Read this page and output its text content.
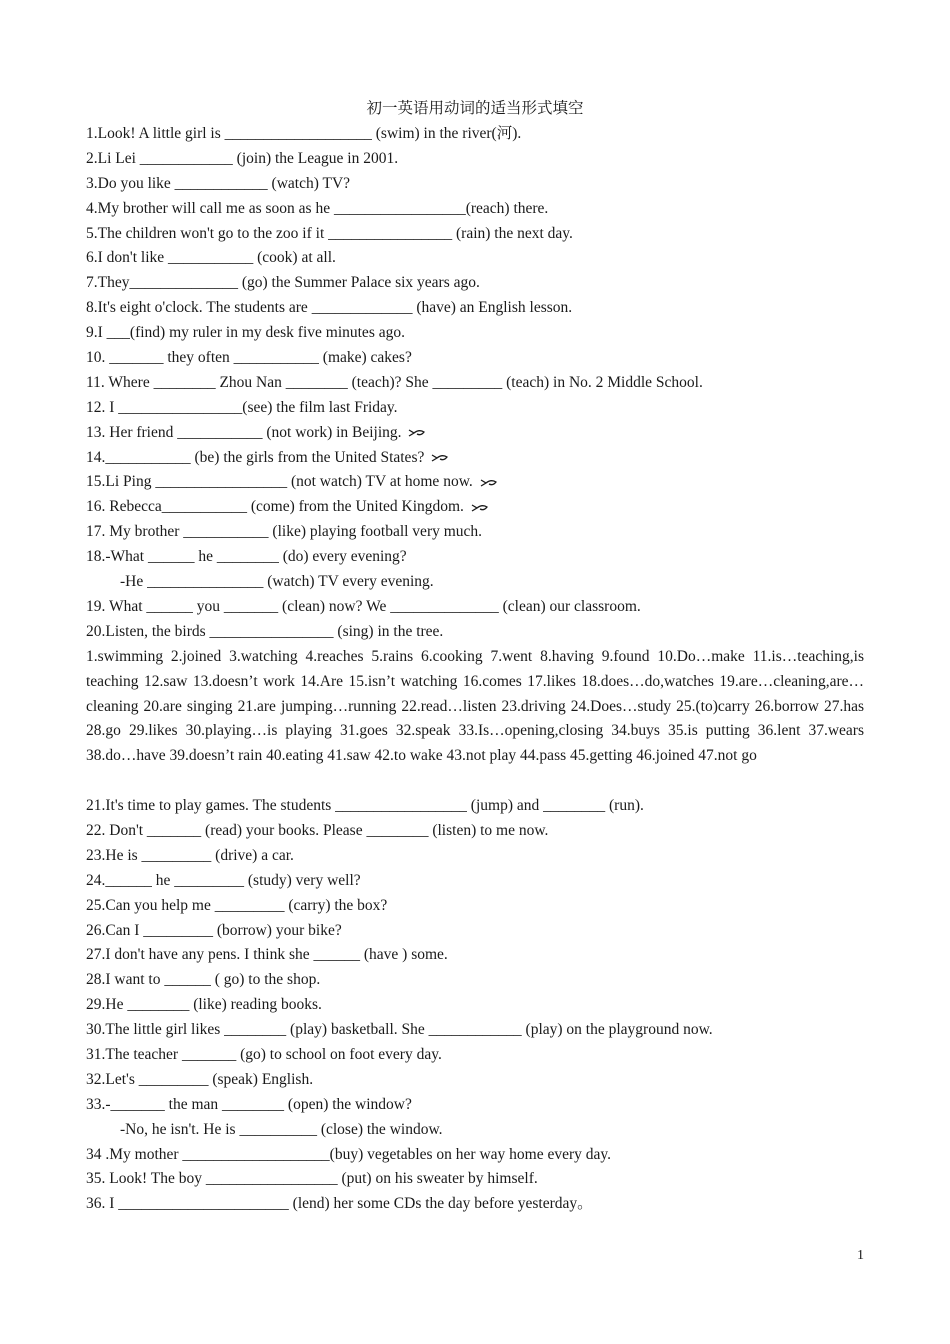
初一英语用动词的适当形式填空
1.Look! A little girl is ___________________ (swim) in the river(河).
2.Li Lei ____________ (join) the League in 2001.
3.Do you like ____________ (watch) TV?
4.My brother will call me as soon as he _________________(reach) there.
5.The children won't go to the zoo if it ________________ (rain) the next day.
6.I don't like ___________ (cook) at all.
7.They______________ (go) the Summer Palace six years ago.
8.It's eight o'clock. The students are _____________ (have) an English lesson.
9.I ___(find) my ruler in my desk five minutes ago.
10. _______ they often ___________ (make) cakes?
11. Where ________ Zhou Nan ________ (teach)? She _________ (teach) in No. 2 Middle School.
12. I ________________(see) the film last Friday.
13. Her friend ___________ (not work) in Beijing.
14.___________ (be) the girls from the United States?
15.Li Ping _________________ (not watch) TV at home now.
16. Rebecca___________ (come) from the United Kingdom.
17. My brother ___________ (like) playing football very much.
18.-What ______ he ________ (do) every evening?
-He _______________ (watch) TV every evening.
19. What ______ you _______ (clean) now? We ______________ (clean) our classroom.
20.Listen, the birds ________________ (sing) in the tree.
1.swimming 2.joined 3.watching 4.reaches 5.rains 6.cooking 7.went 8.having 9.found 10.Do…make 11.is…teaching,is teaching 12.saw 13.doesn’t work 14.Are 15.isn’t watching 16.comes 17.likes 18.does…do,watches 19.are…cleaning,are…cleaning 20.are singing 21.are jumping…running 22.read…listen 23.driving 24.Does…study 25.(to)carry 26.borrow 27.has 28.go 29.likes 30.playing…is playing 31.goes 32.speak 33.Is…opening,closing 34.buys 35.is putting 36.lent 37.wears 38.do…have 39.doesn’t rain 40.eating 41.saw 42.to wake 43.not play 44.pass 45.getting 46.joined 47.not go
21.It's time to play games. The students _________________ (jump) and ________ (run).
22. Don't _______ (read) your books. Please ________ (listen) to me now.
23.He is _________ (drive) a car.
24.______ he _________ (study) very well?
25.Can you help me _________ (carry) the box?
26.Can I _________ (borrow) your bike?
27.I don't have any pens. I think she ______ (have ) some.
28.I want to ______ ( go) to the shop.
29.He ________ (like) reading books.
30.The little girl likes ________ (play) basketball. She ____________ (play) on the playground now.
31.The teacher _______ (go) to school on foot every day.
32.Let's _________ (speak) English.
33.-_______ the man ________ (open) the window?
-No, he isn't. He is __________ (close) the window.
34 .My mother ___________________(buy) vegetables on her way home every day.
35. Look! The boy _________________ (put) on his sweater by himself.
36. I ______________________ (lend) her some CDs the day before yesterday。
1
